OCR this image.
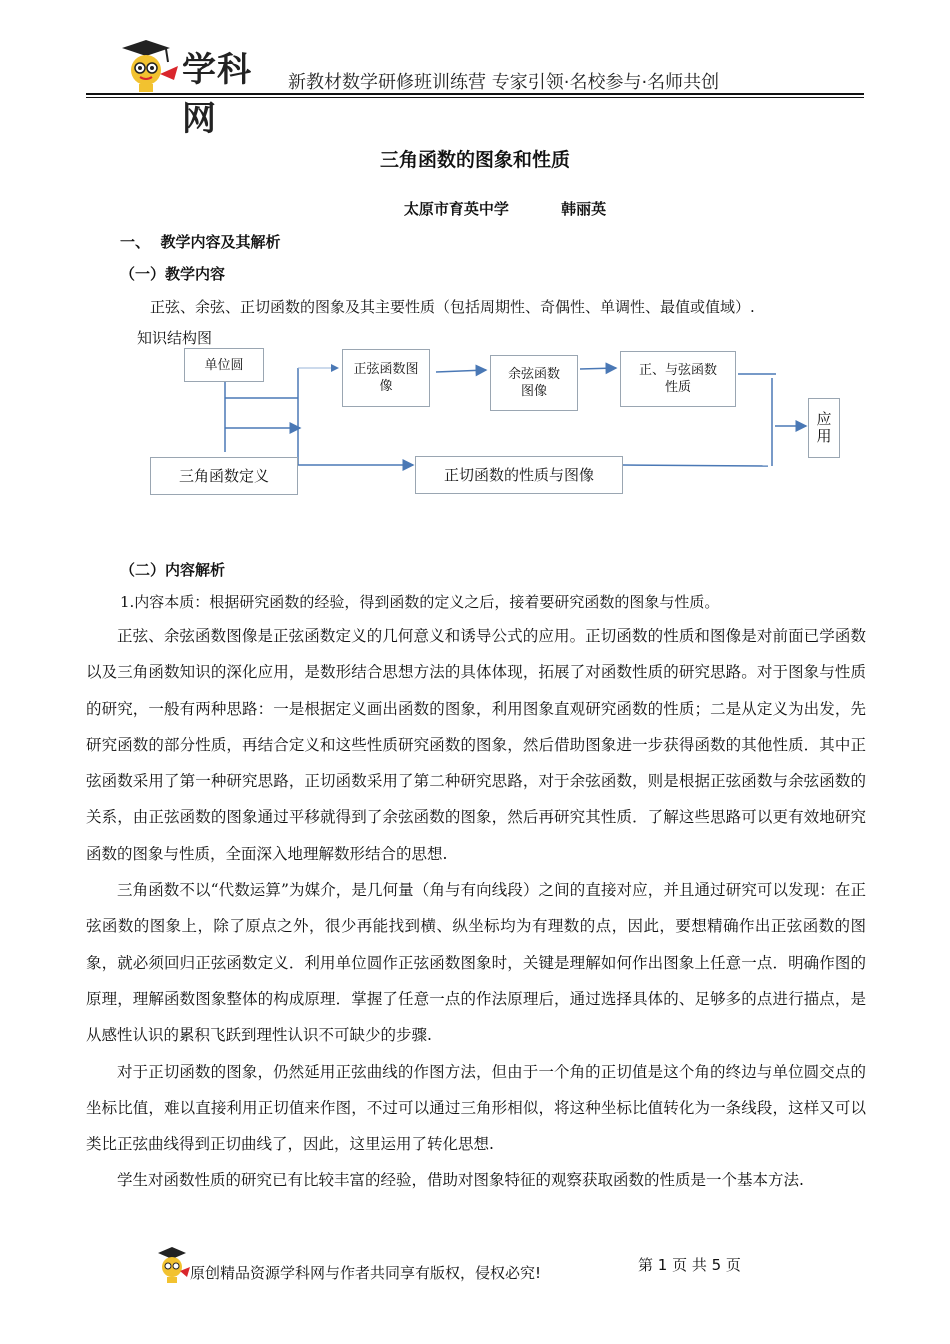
学科网
新教材数学研修班训练营 专家引领·名校参与·名师共创
三角函数的图象和性质
太原市育英中学          韩丽英
一、  教学内容及其解析
（一）教学内容
正弦、余弦、正切函数的图象及其主要性质（包括周期性、奇偶性、单调性、最值或值域）.
知识结构图
单位圆	正弦函数图像
余弦函数图像
正、与弦函数性质
应用
三角函数定义	正切函数的性质与图像
（二）内容解析
1.内容本质：根据研究函数的经验，得到函数的定义之后，接着要研究函数的图象与性质。

正弦、余弦函数图像是正弦函数定义的几何意义和诱导公式的应用。正切函数的性质和图像是对前面已学函数以及三角函数知识的深化应用，是数形结合思想方法的具体体现，拓展了对函数性质的研究思路。对于图象与性质的研究，一般有两种思路：一是根据定义画出函数的图象，利用图象直观研究函数的性质；二是从定义为出发，先研究函数的部分性质，再结合定义和这些性质研究函数的图象，然后借助图象进一步获得函数的其他性质．其中正弦函数采用了第一种研究思路，正切函数采用了第二种研究思路，对于余弦函数，则是根据正弦函数与余弦函数的关系，由正弦函数的图象通过平移就得到了余弦函数的图象，然后再研究其性质．了解这些思路可以更有效地研究函数的图象与性质，全面深入地理解数形结合的思想.

三角函数不以“代数运算”为媒介，是几何量（角与有向线段）之间的直接对应，并且通过研究可以发现：在正弦函数的图象上，除了原点之外，很少再能找到横、纵坐标均为有理数的点，因此，要想精确作出正弦函数的图象，就必须回归正弦函数定义．利用单位圆作正弦函数图象时，关键是理解如何作出图象上任意一点．明确作图的原理，理解函数图象整体的构成原理．掌握了任意一点的作法原理后，通过选择具体的、足够多的点进行描点，是从感性认识的累积飞跃到理性认识不可缺少的步骤.

对于正切函数的图象，仍然延用正弦曲线的作图方法，但由于一个角的正切值是这个角的终边与单位圆交点的坐标比值，难以直接利用正切值来作图，不过可以通过三角形相似，将这种坐标比值转化为一条线段，这样又可以类比正弦曲线得到正切曲线了，因此，这里运用了转化思想.

学生对函数性质的研究已有比较丰富的经验，借助对图象特征的观察获取函数的性质是一个基本方法.

原创精品资源学科网与作者共同享有版权，侵权必究!	第 1 页 共 5 页
